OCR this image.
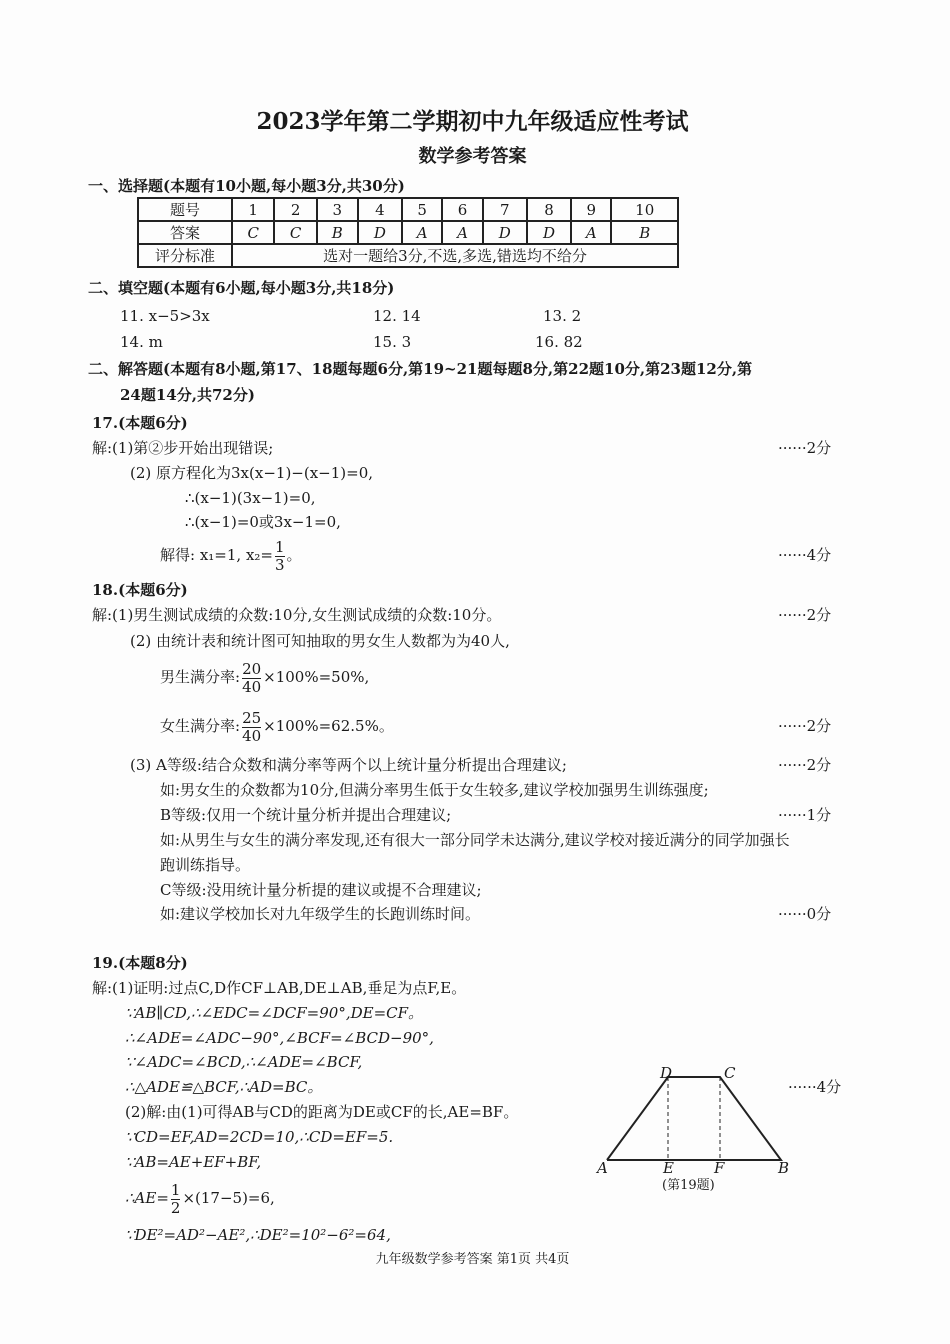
2023学年第二学期初中九年级适应性考试
数学参考答案
一、选择题(本题有10小题,每小题3分,共30分)
题号	1	2	3	4	5	6	7	8	9	10
答案	C	C	B	D	A	A	D	D	A	B
评分标准	选对一题给3分,不选,多选,错选均不给分									
二、填空题(本题有6小题,每小题3分,共18分)
11. x−5>3x	12. 14	13. 2
14. m	15. 3	16. 82
二、解答题(本题有8小题,第17、18题每题6分,第19~21题每题8分,第22题10分,第23题12分,第
24题14分,共72分)
17.(本题6分)
解:(1)第②步开始出现错误;	······2分
(2) 原方程化为3x(x−1)−(x−1)=0,
∴(x−1)(3x−1)=0,
∴(x−1)=0或3x−1=0,
解得: x₁=1, $x_2= \frac{1}{3}$ 。	······4分
18.(本题6分)
解:(1)男生测试成绩的众数:10分,女生测试成绩的众数:10分。	······2分
(2) 由统计表和统计图可知抽取的男女生人数都为为40人,
男生满分率: $\frac{20}{40} \times 100\%=50\%$,
女生满分率: $\frac{25}{40} \times 100\%=62.5\%$。	······2分
(3) A等级:结合众数和满分率等两个以上统计量分析提出合理建议;	······2分
如:男女生的众数都为10分,但满分率男生低于女生较多,建议学校加强男生训练强度;
B等级:仅用一个统计量分析并提出合理建议;	······1分
如:从男生与女生的满分率发现,还有很大一部分同学未达满分,建议学校对接近满分的同学加强长
跑训练指导。
C等级:没用统计量分析提的建议或提不合理建议;
如:建议学校加长对九年级学生的长跑训练时间。	······0分
19.(本题8分)
解:(1)证明:过点C,D作CF⊥AB,DE⊥AB,垂足为点F,E。
∵AB∥CD,∴∠EDC=∠DCF=90°,DE=CF。
∴∠ADE=∠ADC−90°,∠BCF=∠BCD−90°,
∵∠ADC=∠BCD,∴∠ADE=∠BCF,
∴△ADE≌△BCF,∴AD=BC。	······4分
(2)解:由(1)可得AB与CD的距离为DE或CF的长,AE=BF。
∵CD=EF,AD=2CD=10,∴CD=EF=5.
∵AB=AE+EF+BF,
∴AE= $\frac{1}{2} \times(17-5)=6$,
∵DE²=AD²−AE²,∴DE²=10²−6²=64,
D	C
A	E	F	B
(第19题)
九年级数学参考答案 第1页 共4页
